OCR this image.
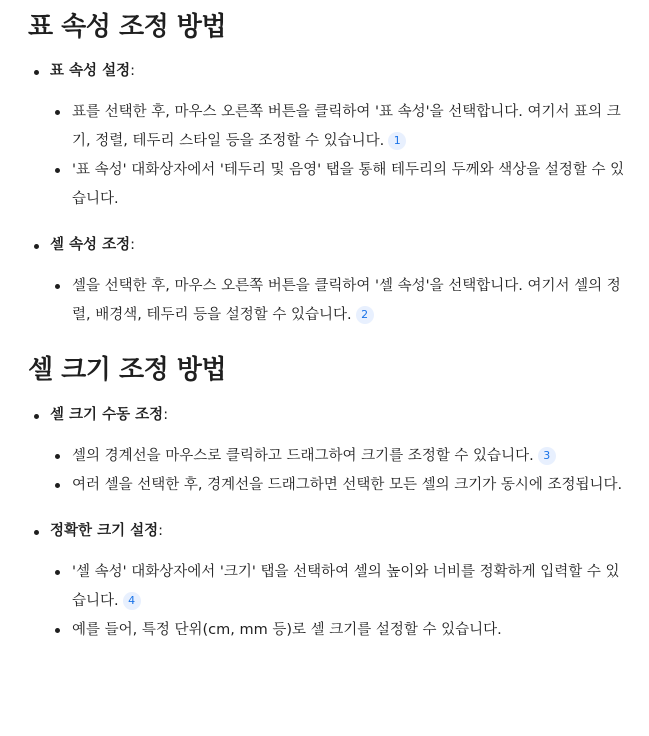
표 속성 조정 방법
표 속성 설정:
표를 선택한 후, 마우스 오른쪽 버튼을 클릭하여 '표 속성'을 선택합니다. 여기서 표의 크기, 정렬, 테두리 스타일 등을 조정할 수 있습니다. 1
'표 속성' 대화상자에서 '테두리 및 음영' 탭을 통해 테두리의 두께와 색상을 설정할 수 있습니다.
셀 속성 조정:
셀을 선택한 후, 마우스 오른쪽 버튼을 클릭하여 '셀 속성'을 선택합니다. 여기서 셀의 정렬, 배경색, 테두리 등을 설정할 수 있습니다. 2
셀 크기 조정 방법
셀 크기 수동 조정:
셀의 경계선을 마우스로 클릭하고 드래그하여 크기를 조정할 수 있습니다. 3
여러 셀을 선택한 후, 경계선을 드래그하면 선택한 모든 셀의 크기가 동시에 조정됩니다.
정확한 크기 설정:
'셀 속성' 대화상자에서 '크기' 탭을 선택하여 셀의 높이와 너비를 정확하게 입력할 수 있습니다. 4
예를 들어, 특정 단위(cm, mm 등)로 셀 크기를 설정할 수 있습니다.
